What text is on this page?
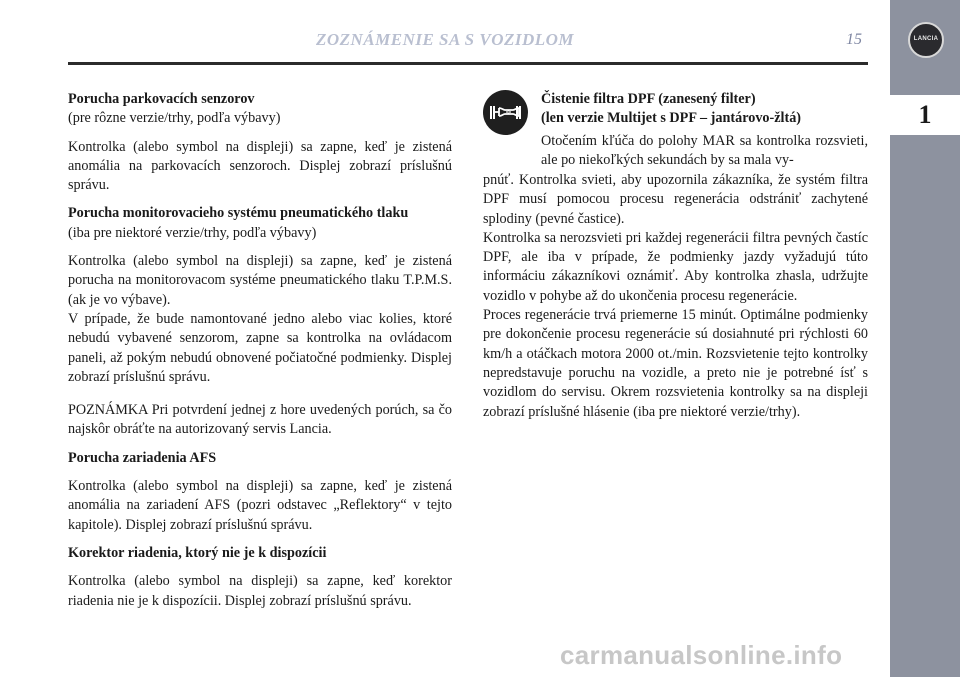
ZOZNÁMENIE SA S VOZIDLOM	15	LANCIA
1

Porucha parkovacích senzorov

(pre rôzne verzie/trhy, podľa výbavy)

Kontrolka (alebo symbol na displeji) sa zapne, keď je zistená anomália na parkovacích senzoroch. Displej zobrazí príslušnú správu.

Porucha monitorovacieho systému pneumatického tlaku

(iba pre niektoré verzie/trhy, podľa výbavy)

Kontrolka (alebo symbol na displeji) sa zapne, keď je zistená porucha na monitorovacom systéme pneumatického tlaku T.P.M.S. (ak je vo výbave).

V prípade, že bude namontované jedno alebo viac kolies, ktoré nebudú vybavené senzorom, zapne sa kontrolka na ovládacom paneli, až pokým nebudú obnovené počiatočné podmienky. Displej zobrazí príslušnú správu.

POZNÁMKA Pri potvrdení jednej z hore uvedených porúch, sa čo najskôr obráťte na autorizovaný servis Lancia.

Porucha zariadenia AFS

Kontrolka (alebo symbol na displeji) sa zapne, keď je zistená anomália na zariadení AFS (pozri odstavec „Reflektory“ v tejto kapitole). Displej zobrazí príslušnú správu.

Korektor riadenia, ktorý nie je k dispozícii

Kontrolka (alebo symbol na displeji) sa zapne, keď korektor riadenia nie je k dispozícii. Displej zobrazí príslušnú správu.

Čistenie filtra DPF (zanesený filter)

(len verzie Multijet s DPF – jantárovo-žltá)

Otočením kľúča do polohy MAR sa kontrolka rozsvieti, ale po niekoľkých sekundách by sa mala vy-

pnúť. Kontrolka svieti, aby upozornila zákazníka, že systém filtra DPF musí pomocou procesu regenerácia odstrániť zachytené splodiny (pevné častice).

Kontrolka sa nerozsvieti pri každej regenerácii filtra pevných častíc DPF, ale iba v prípade, že podmienky jazdy vyžadujú túto informáciu zákazníkovi oznámiť. Aby kontrolka zhasla, udržujte vozidlo v pohybe až do ukončenia procesu regenerácie.

Proces regenerácie trvá priemerne 15 minút. Optimálne podmienky pre dokončenie procesu regenerácie sú dosiahnuté pri rýchlosti 60 km/h a otáčkach motora 2000 ot./min. Rozsvietenie tejto kontrolky nepredstavuje poruchu na vozidle, a preto nie je potrebné ísť s vozidlom do servisu. Okrem rozsvietenia kontrolky sa na displeji zobrazí príslušné hlásenie (iba pre niektoré verzie/trhy).

carmanualsonline.info
